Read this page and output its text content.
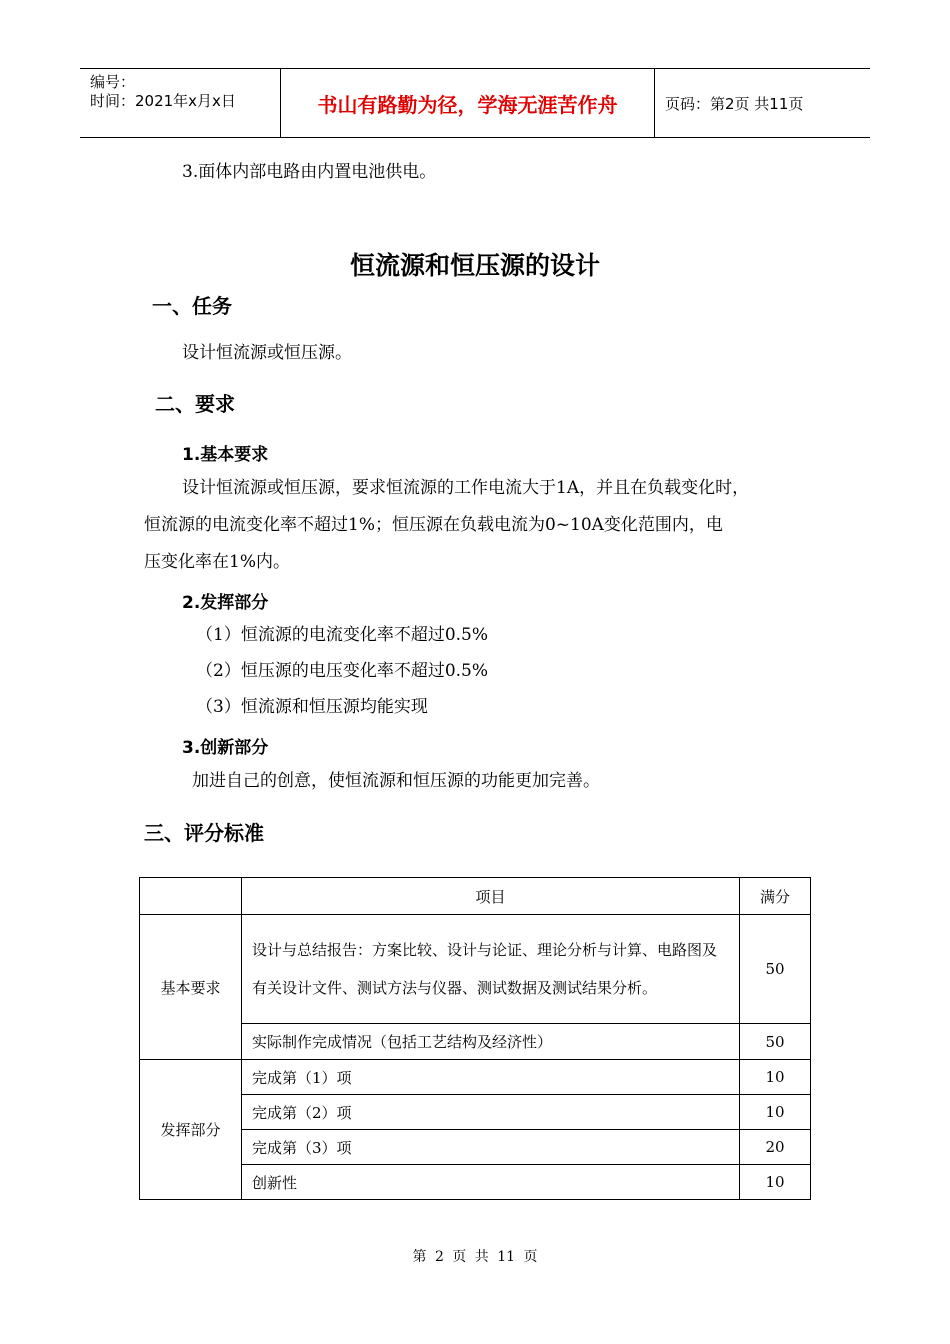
编号：
时间：2021年x月x日	书山有路勤为径，学海无涯苦作舟	页码：第2页 共11页
3.面体内部电路由内置电池供电。
恒流源和恒压源的设计
一、任务
设计恒流源或恒压源。
二、要求
1.基本要求
设计恒流源或恒压源，要求恒流源的工作电流大于1A，并且在负载变化时，
恒流源的电流变化率不超过1%；恒压源在负载电流为0~10A变化范围内，电
压变化率在1%内。
2.发挥部分
（1）恒流源的电流变化率不超过0.5%
（2）恒压源的电压变化率不超过0.5%
（3）恒流源和恒压源均能实现
3.创新部分
加进自己的创意，使恒流源和恒压源的功能更加完善。
三、评分标准
	项目	满分
基本要求	设计与总结报告：方案比较、设计与论证、理论分析与计算、电路图及有关设计文件、测试方法与仪器、测试数据及测试结果分析。	50
	实际制作完成情况（包括工艺结构及经济性）	50
发挥部分	完成第（1）项	10
	完成第（2）项	10
	完成第（3）项	20
	创新性	10
第 2 页 共 11 页
